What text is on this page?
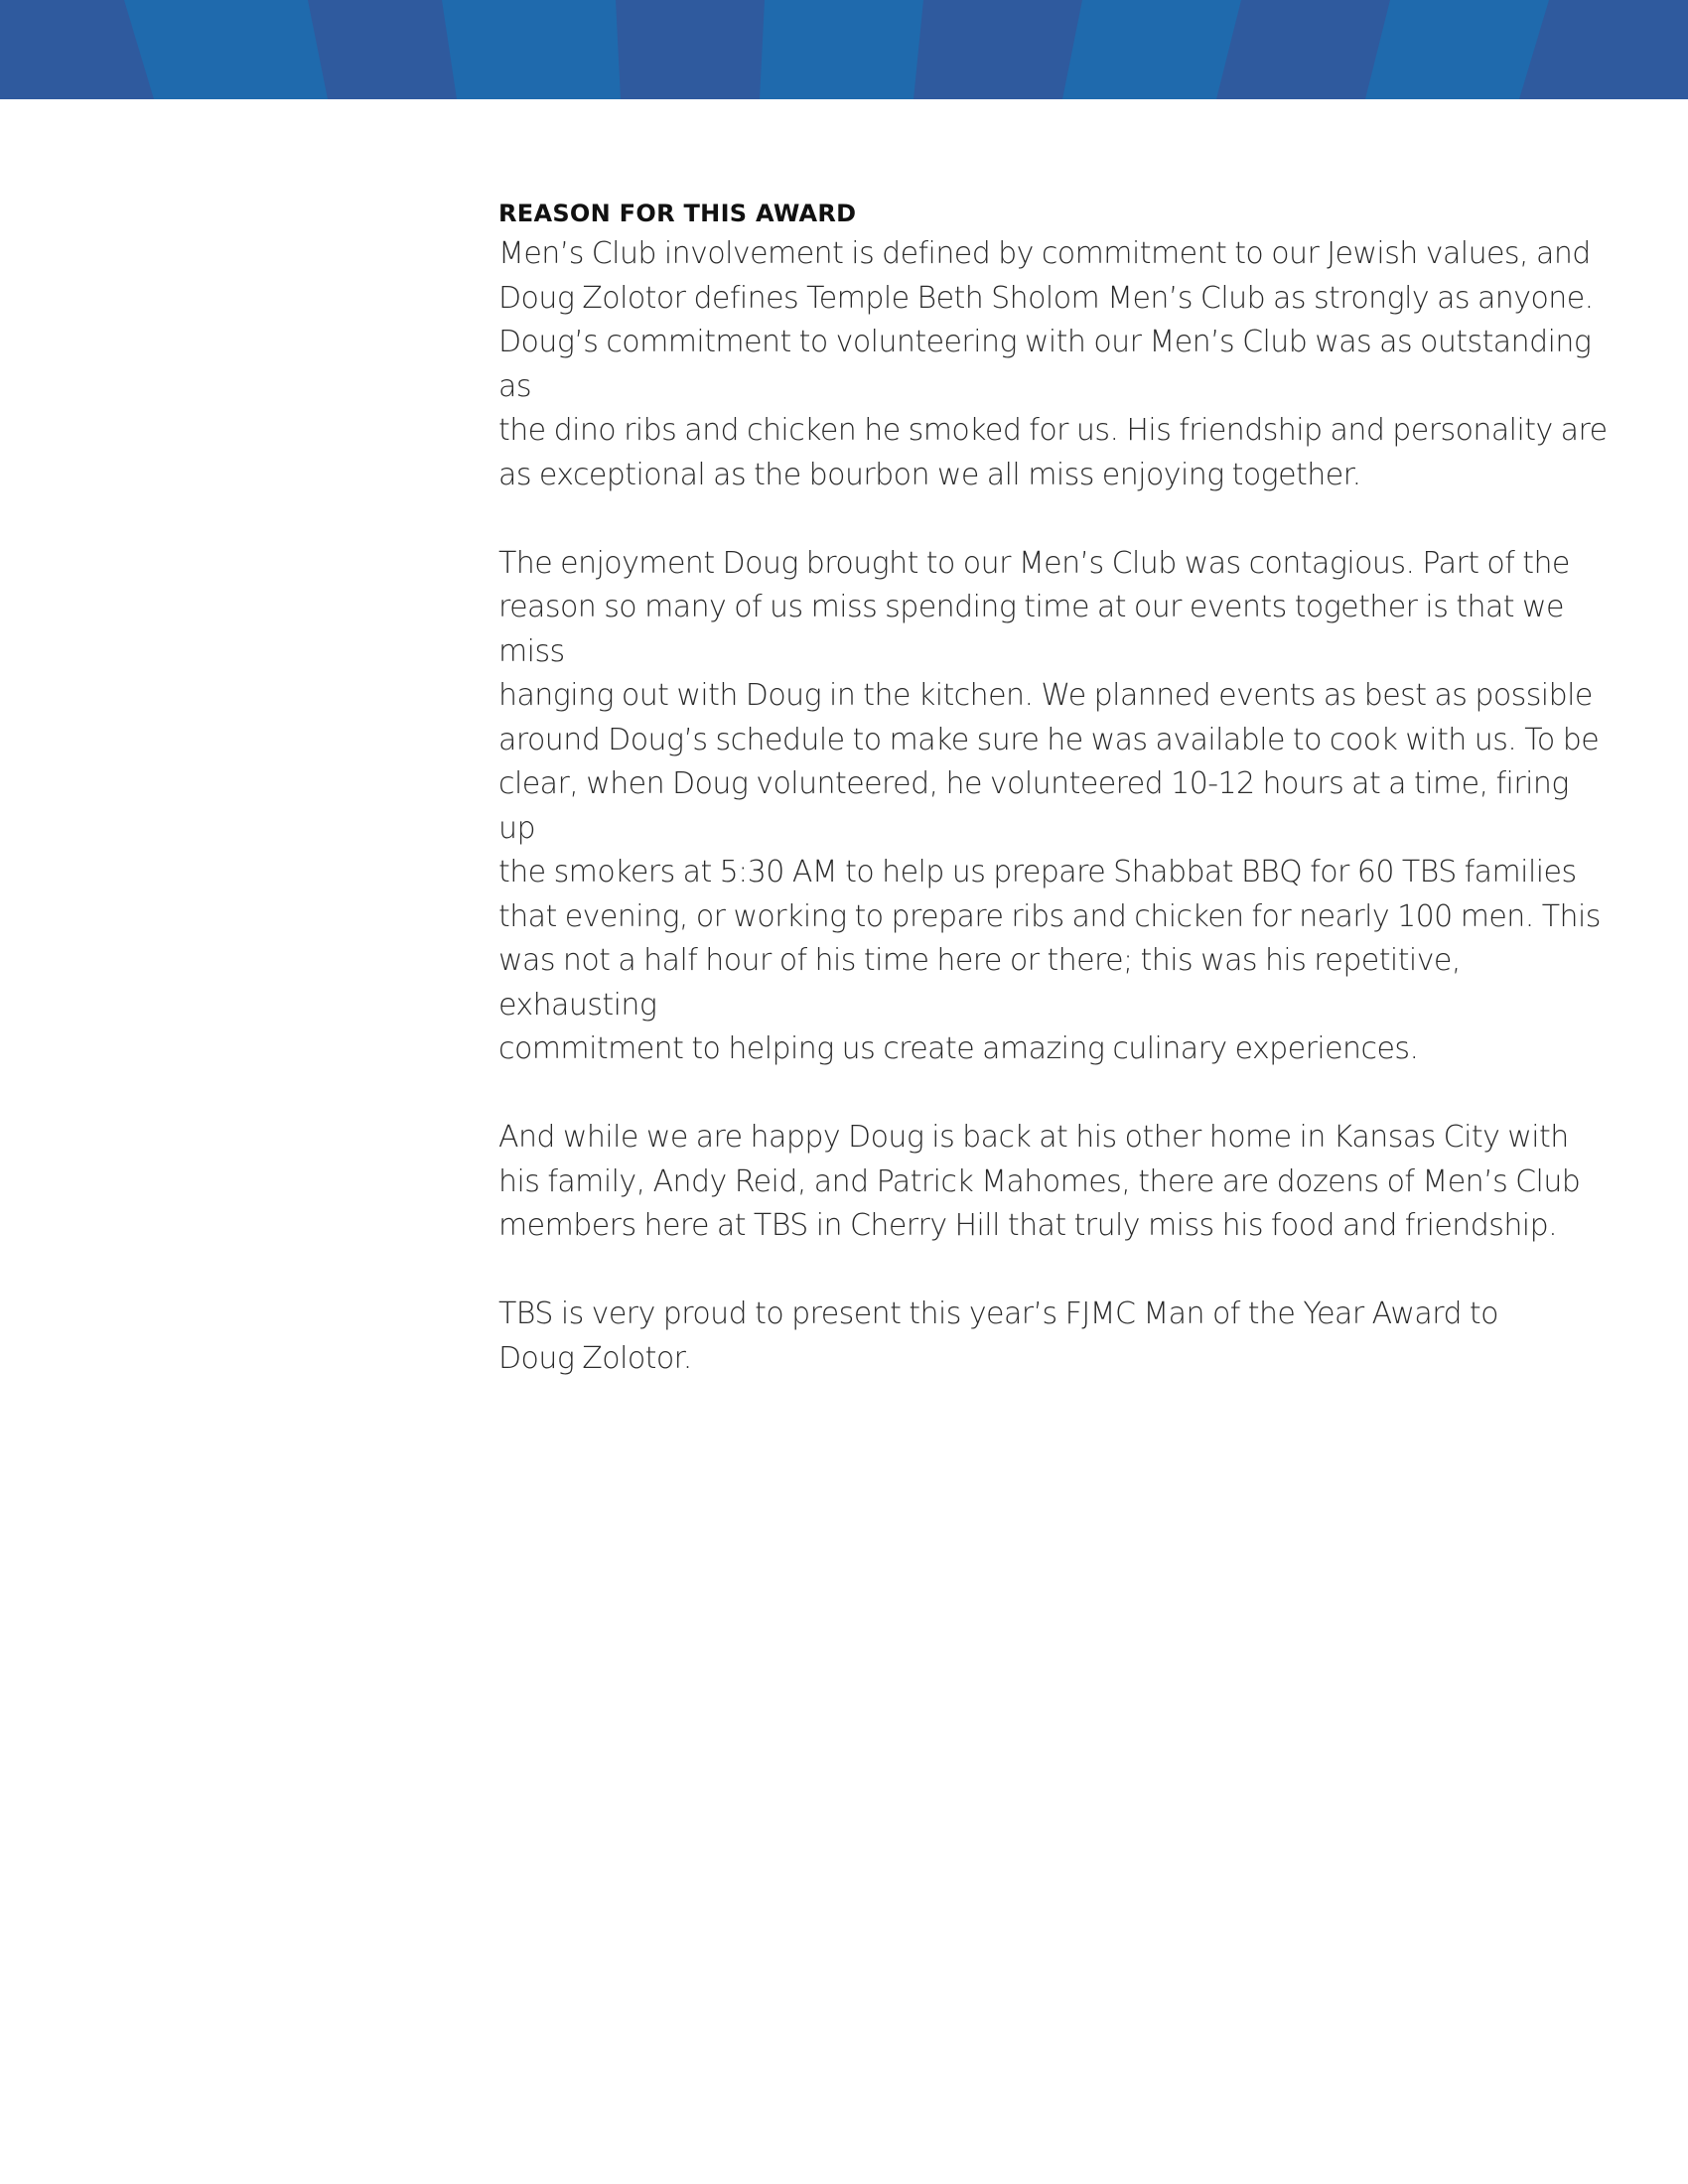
REASON FOR THIS AWARD
Men’s Club involvement is defined by commitment to our Jewish values, and
Doug Zolotor defines Temple Beth Sholom Men’s Club as strongly as anyone.
Doug’s commitment to volunteering with our Men’s Club was as outstanding as
the dino ribs and chicken he smoked for us. His friendship and personality are
as exceptional as the bourbon we all miss enjoying together.
The enjoyment Doug brought to our Men’s Club was contagious. Part of the
reason so many of us miss spending time at our events together is that we miss
hanging out with Doug in the kitchen. We planned events as best as possible
around Doug’s schedule to make sure he was available to cook with us. To be
clear, when Doug volunteered, he volunteered 10-12 hours at a time, firing up
the smokers at 5:30 AM to help us prepare Shabbat BBQ for 60 TBS families
that evening, or working to prepare ribs and chicken for nearly 100 men. This
was not a half hour of his time here or there; this was his repetitive, exhausting
commitment to helping us create amazing culinary experiences.
And while we are happy Doug is back at his other home in Kansas City with
his family, Andy Reid, and Patrick Mahomes, there are dozens of Men’s Club
members here at TBS in Cherry Hill that truly miss his food and friendship.
TBS is very proud to present this year’s FJMC Man of the Year Award to
Doug Zolotor.
